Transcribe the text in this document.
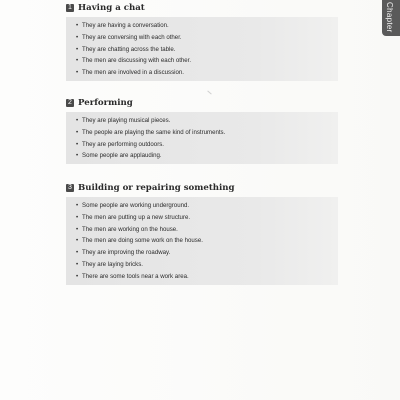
Chapter
1 Having a chat
• They are having a conversation.
• They are conversing with each other.
• They are chatting across the table.
• The men are discussing with each other.
• The men are involved in a discussion.
2 Performing
• They are playing musical pieces.
• The people are playing the same kind of instruments.
• They are performing outdoors.
• Some people are applauding.
3 Building or repairing something
• Some people are working underground.
• The men are putting up a new structure.
• The men are working on the house.
• The men are doing some work on the house.
• They are improving the roadway.
• They are laying bricks.
• There are some tools near a work area.
